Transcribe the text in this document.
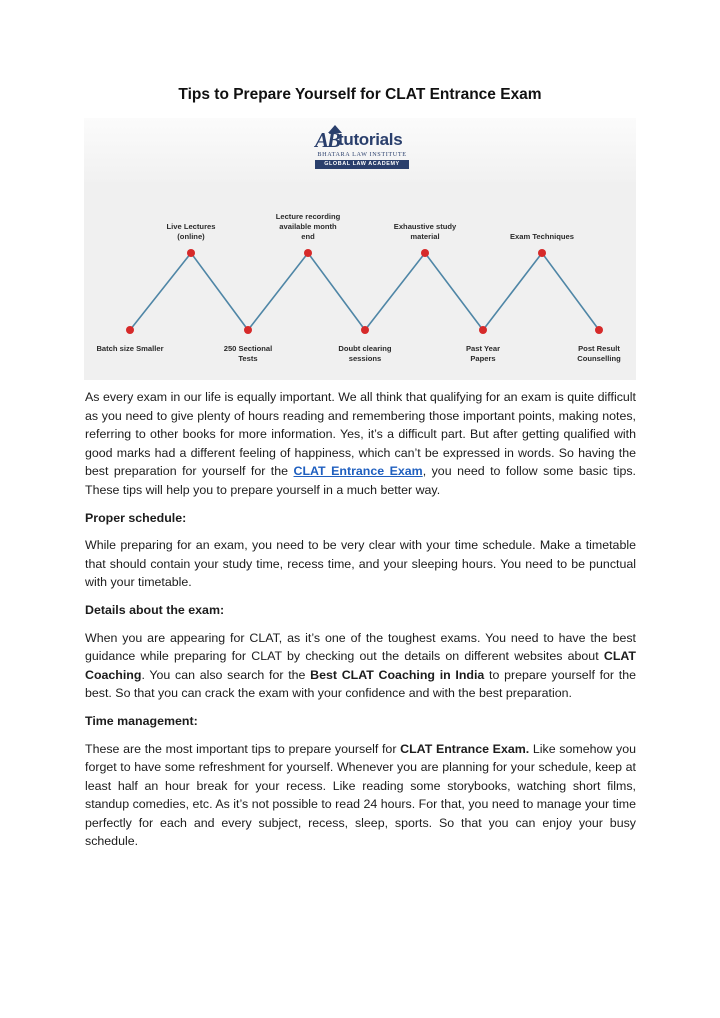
Tips to Prepare Yourself for CLAT Entrance Exam
AB
tutorials
BHATARA LAW INSTITUTE
GLOBAL LAW ACADEMY
Live Lectures (online)
Lecture recording available month end
Exhaustive study material	Exam Techniques
Batch size Smaller	250 Sectional Tests
Doubt clearing sessions
Past Year Papers
Post Result Counselling

As every exam in our life is equally important. We all think that qualifying for an exam is quite difficult as you need to give plenty of hours reading and remembering those important points, making notes, referring to other books for more information. Yes, it’s a difficult part. But after getting qualified with good marks had a different feeling of happiness, which can’t be expressed in words. So having the best preparation for yourself for the CLAT Entrance Exam, you need to follow some basic tips. These tips will help you to prepare yourself in a much better way.

Proper schedule:

While preparing for an exam, you need to be very clear with your time schedule. Make a timetable that should contain your study time, recess time, and your sleeping hours. You need to be punctual with your timetable.

Details about the exam:

When you are appearing for CLAT, as it’s one of the toughest exams. You need to have the best guidance while preparing for CLAT by checking out the details on different websites about CLAT Coaching. You can also search for the Best CLAT Coaching in India to prepare yourself for the best. So that you can crack the exam with your confidence and with the best preparation.

Time management:

These are the most important tips to prepare yourself for CLAT Entrance Exam. Like somehow you forget to have some refreshment for yourself. Whenever you are planning for your schedule, keep at least half an hour break for your recess. Like reading some storybooks, watching short films, standup comedies, etc. As it’s not possible to read 24 hours. For that, you need to manage your time perfectly for each and every subject, recess, sleep, sports. So that you can enjoy your busy schedule.
